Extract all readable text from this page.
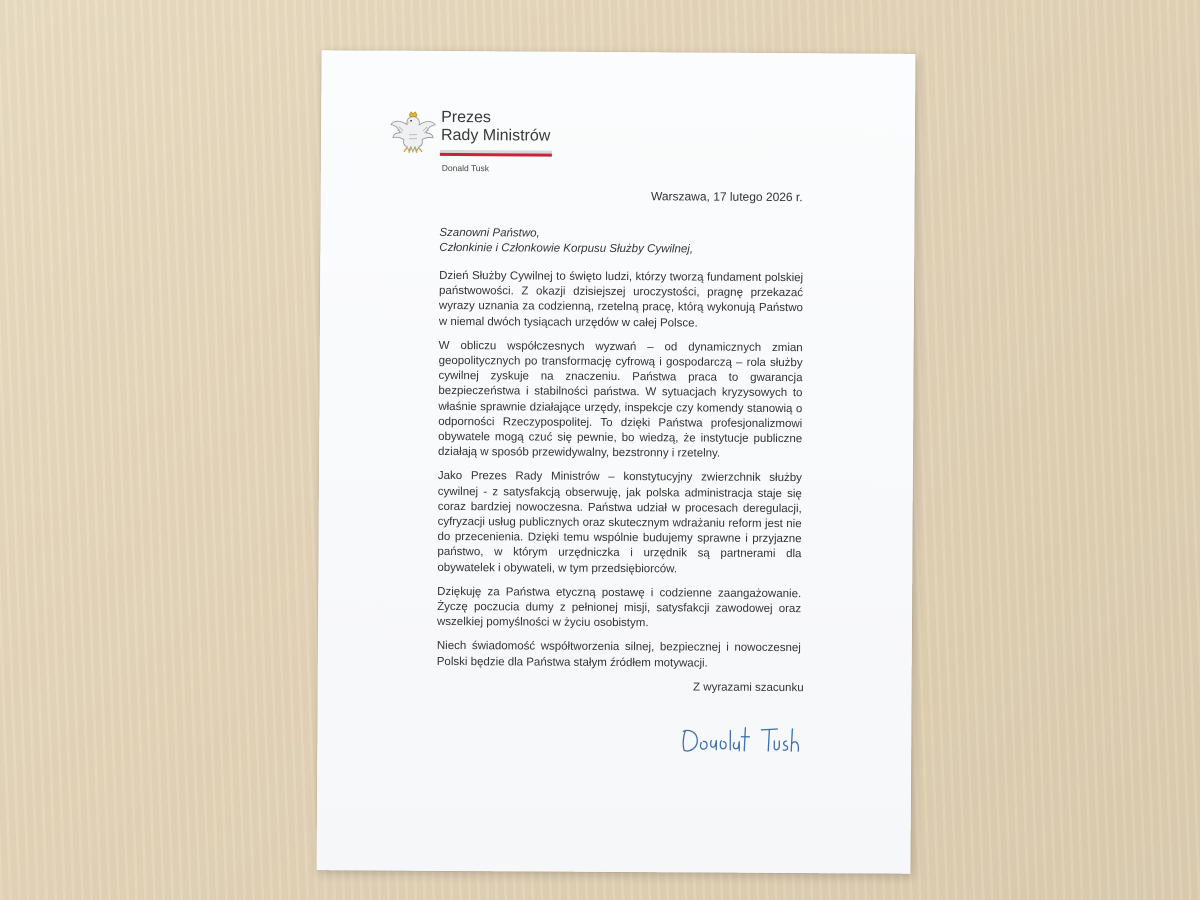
Prezes
Rady Ministrów
Donald Tusk
Warszawa, 17 lutego 2026 r.
Szanowni Państwo,
Członkinie i Członkowie Korpusu Służby Cywilnej,

Dzień Służby Cywilnej to święto ludzi, którzy tworzą fundament polskiej państwowości. Z okazji dzisiejszej uroczystości, pragnę przekazać wyrazy uznania za codzienną, rzetelną pracę, którą wykonują Państwo w niemal dwóch tysiącach urzędów w całej Polsce.

W obliczu współczesnych wyzwań – od dynamicznych zmian geopolitycznych po transformację cyfrową i gospodarczą – rola służby cywilnej zyskuje na znaczeniu. Państwa praca to gwarancja bezpieczeństwa i stabilności państwa. W sytuacjach kryzysowych to właśnie sprawnie działające urzędy, inspekcje czy komendy stanowią o odporności Rzeczypospolitej. To dzięki Państwa profesjonalizmowi obywatele mogą czuć się pewnie, bo wiedzą, że instytucje publiczne działają w sposób przewidywalny, bezstronny i rzetelny.

Jako Prezes Rady Ministrów – konstytucyjny zwierzchnik służby cywilnej - z satysfakcją obserwuję, jak polska administracja staje się coraz bardziej nowoczesna. Państwa udział w procesach deregulacji, cyfryzacji usług publicznych oraz skutecznym wdrażaniu reform jest nie do przecenienia. Dzięki temu wspólnie budujemy sprawne i przyjazne państwo, w którym urzędniczka i urzędnik są partnerami dla obywatelek i obywateli, w tym przedsiębiorców.

Dziękuję za Państwa etyczną postawę i codzienne zaangażowanie. Życzę poczucia dumy z pełnionej misji, satysfakcji zawodowej oraz wszelkiej pomyślności w życiu osobistym.

Niech świadomość współtworzenia silnej, bezpiecznej i nowoczesnej Polski będzie dla Państwa stałym źródłem motywacji.

Z wyrazami szacunku
